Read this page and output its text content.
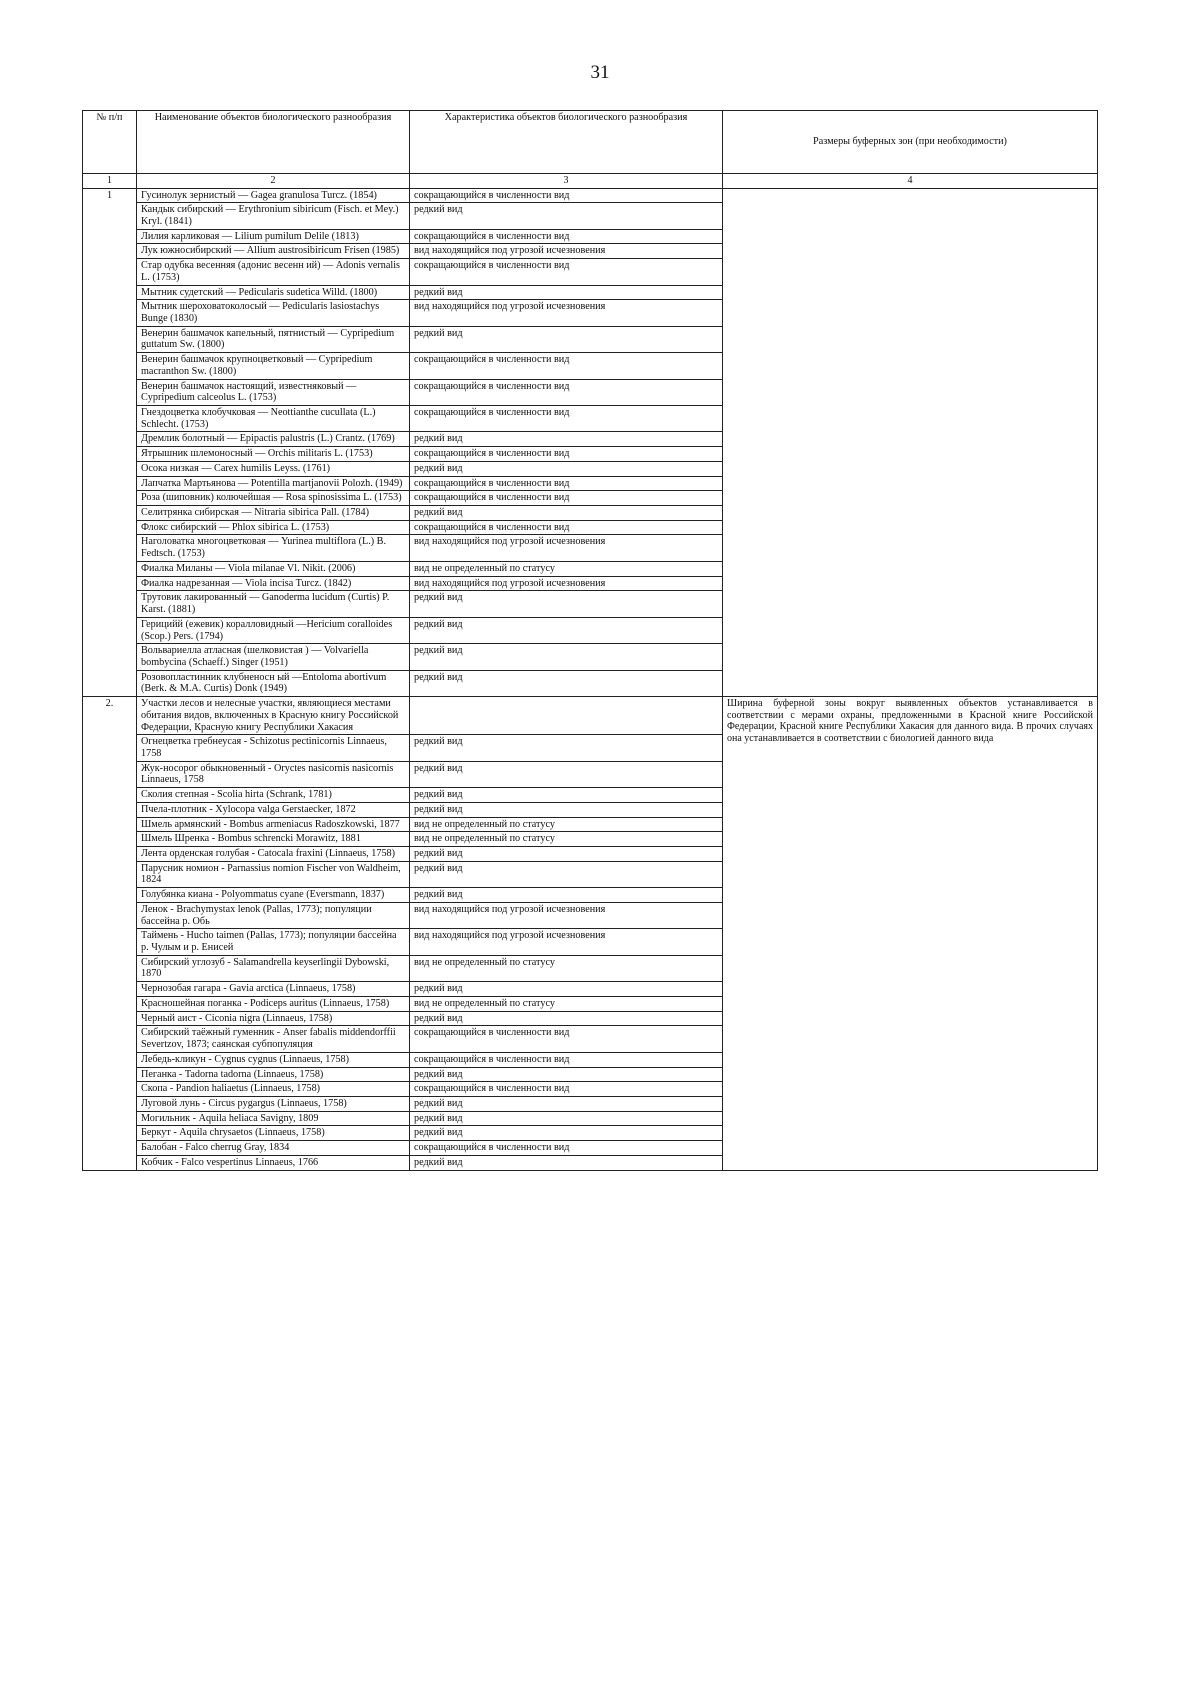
31
№ п/п	Наименование объектов биологического разнообразия	Характеристика объектов биологического разнообразия	Размеры буферных зон (при необходимости)
1	2	3	4
1	Гусинолук зернистый — Gagea granulosa Turcz. (1854)	сокращающийся в численности вид	
	Кандык сибирский — Erythronium sibiricum (Fisch. et Mey.) Kryl. (1841)	редкий вид	
	Лилия карликовая — Lilium pumilum Delile (1813)	сокращающийся в численности вид	
	Лук южносибирский — Allium austrosibiricum Frisen (1985)	вид находящийся под угрозой исчезновения	
	Стар одубка весенняя (адонис весенн ий) — Adonis vernalis L. (1753)	сокращающийся в численности вид	
	Мытник судетский — Pedicularis sudetica Willd. (1800)	редкий вид	
	Мытник шероховатоколосый — Pedicularis lasiostachys Bunge (1830)	вид находящийся под угрозой исчезновения	
	Венерин башмачок капельный, пятнистый — Cypripedium guttatum Sw. (1800)	редкий вид	
	Венерин башмачок крупноцветковый — Cypripedium macranthon Sw. (1800)	сокращающийся в численности вид	
	Венерин башмачок настоящий, известняковый — Cypripedium calceolus L. (1753)	сокращающийся в численности вид	
	Гнездоцветка клобучковая — Neottianthe cucullata (L.) Schlecht. (1753)	сокращающийся в численности вид	
	Дремлик болотный — Epipactis palustris (L.) Crantz. (1769)	редкий вид	
	Ятрышник шлемоносный — Orchis militaris L. (1753)	сокращающийся в численности вид	
	Осока низкая — Carex humilis Leyss. (1761)	редкий вид	
	Лапчатка Мартьянова — Potentilla martjanovii Polozh. (1949)	сокращающийся в численности вид	
	Роза (шиповник) колючейшая — Rosa spinosissima L. (1753)	сокращающийся в численности вид	
	Селитрянка сибирская — Nitraria sibirica Pall. (1784)	редкий вид	
	Флокс сибирский — Phlox sibirica L. (1753)	сокращающийся в численности вид	
	Наголоватка многоцветковая — Yurinea multiflora (L.) B. Fedtsch. (1753)	вид находящийся под угрозой исчезновения	
	Фиалка Миланы — Viola milanae Vl. Nikit. (2006)	вид не определенный по статусу	
	Фиалка надрезанная — Viola incisa Turcz. (1842)	вид находящийся под угрозой исчезновения	
	Трутовик лакированный — Ganoderma lucidum (Curtis) P. Karst. (1881)	редкий вид	
	Герицийй (ежевик) коралловидный —Hericium coralloides (Scop.) Pers. (1794)	редкий вид	
	Вольвариелла атласная (шелковистая ) — Volvariella bombycina (Schaeff.) Singer (1951)	редкий вид	
	Розовопластинник клубненосн ый —Entoloma abortivum (Berk. & M.A. Curtis) Donk (1949)	редкий вид	
2.	Участки лесов и нелесные участки, являющиеся местами обитания видов, включенных в Красную книгу Российской Федерации, Красную книгу Республики Хакасия		Ширина буферной зоны вокруг выявленных объектов устанавливается в соответствии с мерами охраны, предложенными в Красной книге Российской Федерации, Красной книге Республики Хакасия для данного вида. В прочих случаях она устанавливается в соответствии с биологией данного вида
	Огнецветка гребнеусая - Schizotus pectinicornis Linnaeus, 1758	редкий вид	
	Жук-носорог обыкновенный - Oryctes nasicornis nasicornis Linnaeus, 1758	редкий вид	
	Сколия степная - Scolia hirta (Schrank, 1781)	редкий вид	
	Пчела-плотник - Xylocopa valga Gerstaecker, 1872	редкий вид	
	Шмель армянский - Bombus armeniacus Radoszkowski, 1877	вид не определенный по статусу	
	Шмель Шренка - Bombus schrencki Morawitz, 1881	вид не определенный по статусу	
	Лента орденская голубая - Catocala fraxini (Linnaeus, 1758)	редкий вид	
	Парусник номион - Parnassius nomion Fischer von Waldheim, 1824	редкий вид	
	Голубянка киана - Polyommatus cyane (Eversmann, 1837)	редкий вид	
	Ленок - Brachymystax lenok (Pallas, 1773); популяции бассейна р. Обь	вид находящийся под угрозой исчезновения	
	Таймень - Hucho taimen (Pallas, 1773); популяции бассейна р. Чулым и р. Енисей	вид находящийся под угрозой исчезновения	
	Сибирский углозуб - Salamandrella keyserlingii Dybowski, 1870	вид не определенный по статусу	
	Чернозобая гагара - Gavia arctica (Linnaeus, 1758)	редкий вид	
	Красношейная поганка - Podiceps auritus (Linnaeus, 1758)	вид не определенный по статусу	
	Черный аист - Ciconia nigra (Linnaeus, 1758)	редкий вид	
	Сибирский таёжный гуменник - Anser fabalis middendorffii Severtzov, 1873; саянская субпопуляция	сокращающийся в численности вид	
	Лебедь-кликун - Cygnus cygnus (Linnaeus, 1758)	сокращающийся в численности вид	
	Пеганка - Tadorna tadorna (Linnaeus, 1758)	редкий вид	
	Скопа - Pandion haliaetus (Linnaeus, 1758)	сокращающийся в численности вид	
	Луговой лунь - Circus pygargus (Linnaeus, 1758)	редкий вид	
	Могильник - Aquila heliaca Savigny, 1809	редкий вид	
	Беркут - Aquila chrysaetos (Linnaeus, 1758)	редкий вид	
	Балобан - Falco cherrug Gray, 1834	сокращающийся в численности вид	
	Кобчик - Falco vespertinus Linnaeus, 1766	редкий вид	
